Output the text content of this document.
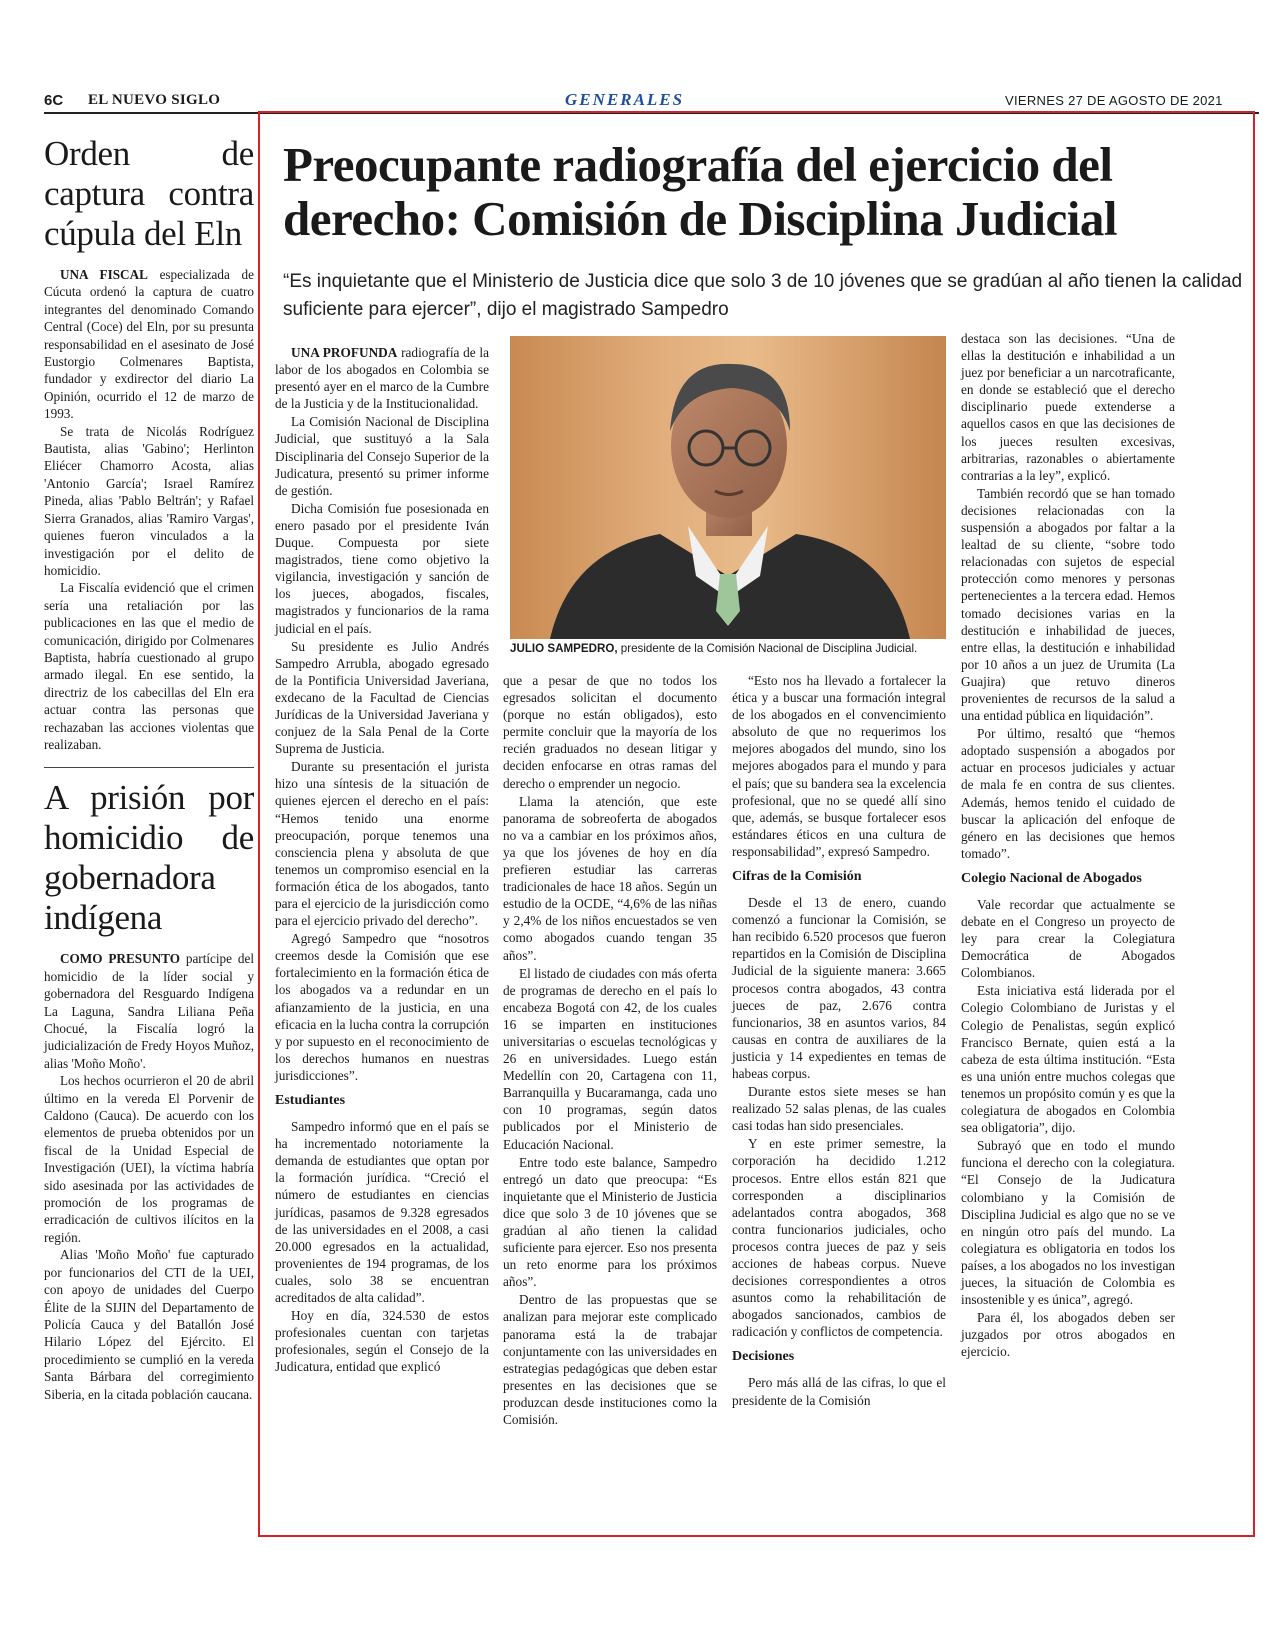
6C EL NUEVO SIGLO	GENERALES	VIERNES 27 DE AGOSTO DE 2021
Orden de captura contra cúpula del Eln

UNA FISCAL especializada de Cúcuta ordenó la captura de cuatro integrantes del denominado Comando Central (Coce) del Eln, por su presunta responsabilidad en el asesinato de José Eustorgio Colmenares Baptista, fundador y exdirector del diario La Opinión, ocurrido el 12 de marzo de 1993.

Se trata de Nicolás Rodríguez Bautista, alias 'Gabino'; Herlinton Eliécer Chamorro Acosta, alias 'Antonio García'; Israel Ramírez Pineda, alias 'Pablo Beltrán'; y Rafael Sierra Granados, alias 'Ramiro Vargas', quienes fueron vinculados a la investigación por el delito de homicidio.

La Fiscalía evidenció que el crimen sería una retaliación por las publicaciones en las que el medio de comunicación, dirigido por Colmenares Baptista, habría cuestionado al grupo armado ilegal. En ese sentido, la directriz de los cabecillas del Eln era actuar contra las personas que rechazaban las acciones violentas que realizaban.

A prisión por homicidio de gobernadora indígena

COMO PRESUNTO partícipe del homicidio de la líder social y gobernadora del Resguardo Indígena La Laguna, Sandra Liliana Peña Chocué, la Fiscalía logró la judicialización de Fredy Hoyos Muñoz, alias 'Moño Moño'.

Los hechos ocurrieron el 20 de abril último en la vereda El Porvenir de Caldono (Cauca). De acuerdo con los elementos de prueba obtenidos por un fiscal de la Unidad Especial de Investigación (UEI), la víctima habría sido asesinada por las actividades de promoción de los programas de erradicación de cultivos ilícitos en la región.

Alias 'Moño Moño' fue capturado por funcionarios del CTI de la UEI, con apoyo de unidades del Cuerpo Élite de la SIJIN del Departamento de Policía Cauca y del Batallón José Hilario López del Ejército. El procedimiento se cumplió en la vereda Santa Bárbara del corregimiento Siberia, en la citada población caucana.

Preocupante radiografía del ejercicio del derecho: Comisión de Disciplina Judicial
“Es inquietante que el Ministerio de Justicia dice que solo 3 de 10 jóvenes que se gradúan al año tienen la calidad suficiente para ejercer”, dijo el magistrado Sampedro

UNA PROFUNDA radiografía de la labor de los abogados en Colombia se presentó ayer en el marco de la Cumbre de la Justicia y de la Institucionalidad.

La Comisión Nacional de Disciplina Judicial, que sustituyó a la Sala Disciplinaria del Consejo Superior de la Judicatura, presentó su primer informe de gestión.

Dicha Comisión fue posesionada en enero pasado por el presidente Iván Duque. Compuesta por siete magistrados, tiene como objetivo la vigilancia, investigación y sanción de los jueces, abogados, fiscales, magistrados y funcionarios de la rama judicial en el país.

Su presidente es Julio Andrés Sampedro Arrubla, abogado egresado de la Pontificia Universidad Javeriana, exdecano de la Facultad de Ciencias Jurídicas de la Universidad Javeriana y conjuez de la Sala Penal de la Corte Suprema de Justicia.

Durante su presentación el jurista hizo una síntesis de la situación de quienes ejercen el derecho en el país: “Hemos tenido una enorme preocupación, porque tenemos una consciencia plena y absoluta de que tenemos un compromiso esencial en la formación ética de los abogados, tanto para el ejercicio de la jurisdicción como para el ejercicio privado del derecho”.

Agregó Sampedro que “nosotros creemos desde la Comisión que ese fortalecimiento en la formación ética de los abogados va a redundar en un afianzamiento de la justicia, en una eficacia en la lucha contra la corrupción y por supuesto en el reconocimiento de los derechos humanos en nuestras jurisdicciones”.

Estudiantes

Sampedro informó que en el país se ha incrementado notoriamente la demanda de estudiantes que optan por la formación jurídica. “Creció el número de estudiantes en ciencias jurídicas, pasamos de 9.328 egresados de las universidades en el 2008, a casi 20.000 egresados en la actualidad, provenientes de 194 programas, de los cuales, solo 38 se encuentran acreditados de alta calidad”.

Hoy en día, 324.530 de estos profesionales cuentan con tarjetas profesionales, según el Consejo de la Judicatura, entidad que explicó

JULIO SAMPEDRO, presidente de la Comisión Nacional de Disciplina Judicial.

que a pesar de que no todos los egresados solicitan el documento (porque no están obligados), esto permite concluir que la mayoría de los recién graduados no desean litigar y deciden enfocarse en otras ramas del derecho o emprender un negocio.

Llama la atención, que este panorama de sobreoferta de abogados no va a cambiar en los próximos años, ya que los jóvenes de hoy en día prefieren estudiar las carreras tradicionales de hace 18 años. Según un estudio de la OCDE, “4,6% de las niñas y 2,4% de los niños encuestados se ven como abogados cuando tengan 35 años”.

El listado de ciudades con más oferta de programas de derecho en el país lo encabeza Bogotá con 42, de los cuales 16 se imparten en instituciones universitarias o escuelas tecnológicas y 26 en universidades. Luego están Medellín con 20, Cartagena con 11, Barranquilla y Bucaramanga, cada uno con 10 programas, según datos publicados por el Ministerio de Educación Nacional.

Entre todo este balance, Sampedro entregó un dato que preocupa: “Es inquietante que el Ministerio de Justicia dice que solo 3 de 10 jóvenes que se gradúan al año tienen la calidad suficiente para ejercer. Eso nos presenta un reto enorme para los próximos años”.

Dentro de las propuestas que se analizan para mejorar este complicado panorama está la de trabajar conjuntamente con las universidades en estrategias pedagógicas que deben estar presentes en las decisiones que se produzcan desde instituciones como la Comisión.

“Esto nos ha llevado a fortalecer la ética y a buscar una formación integral de los abogados en el convencimiento absoluto de que no requerimos los mejores abogados del mundo, sino los mejores abogados para el mundo y para el país; que su bandera sea la excelencia profesional, que no se quedé allí sino que, además, se busque fortalecer esos estándares éticos en una cultura de responsabilidad”, expresó Sampedro.

Cifras de la Comisión

Desde el 13 de enero, cuando comenzó a funcionar la Comisión, se han recibido 6.520 procesos que fueron repartidos en la Comisión de Disciplina Judicial de la siguiente manera: 3.665 procesos contra abogados, 43 contra jueces de paz, 2.676 contra funcionarios, 38 en asuntos varios, 84 causas en contra de auxiliares de la justicia y 14 expedientes en temas de habeas corpus.

Durante estos siete meses se han realizado 52 salas plenas, de las cuales casi todas han sido presenciales.

Y en este primer semestre, la corporación ha decidido 1.212 procesos. Entre ellos están 821 que corresponden a disciplinarios adelantados contra abogados, 368 contra funcionarios judiciales, ocho procesos contra jueces de paz y seis acciones de habeas corpus. Nueve decisiones correspondientes a otros asuntos como la rehabilitación de abogados sancionados, cambios de radicación y conflictos de competencia.

Decisiones

Pero más allá de las cifras, lo que el presidente de la Comisión

destaca son las decisiones. “Una de ellas la destitución e inhabilidad a un juez por beneficiar a un narcotraficante, en donde se estableció que el derecho disciplinario puede extenderse a aquellos casos en que las decisiones de los jueces resulten excesivas, arbitrarias, razonables o abiertamente contrarias a la ley”, explicó.

También recordó que se han tomado decisiones relacionadas con la suspensión a abogados por faltar a la lealtad de su cliente, “sobre todo relacionadas con sujetos de especial protección como menores y personas pertenecientes a la tercera edad. Hemos tomado decisiones varias en la destitución e inhabilidad de jueces, entre ellas, la destitución e inhabilidad por 10 años a un juez de Urumita (La Guajira) que retuvo dineros provenientes de recursos de la salud a una entidad pública en liquidación”.

Por último, resaltó que “hemos adoptado suspensión a abogados por actuar en procesos judiciales y actuar de mala fe en contra de sus clientes. Además, hemos tenido el cuidado de buscar la aplicación del enfoque de género en las decisiones que hemos tomado”.

Colegio Nacional de Abogados

Vale recordar que actualmente se debate en el Congreso un proyecto de ley para crear la Colegiatura Democrática de Abogados Colombianos.

Esta iniciativa está liderada por el Colegio Colombiano de Juristas y el Colegio de Penalistas, según explicó Francisco Bernate, quien está a la cabeza de esta última institución. “Esta es una unión entre muchos colegas que tenemos un propósito común y es que la colegiatura de abogados en Colombia sea obligatoria”, dijo.

Subrayó que en todo el mundo funciona el derecho con la colegiatura. “El Consejo de la Judicatura colombiano y la Comisión de Disciplina Judicial es algo que no se ve en ningún otro país del mundo. La colegiatura es obligatoria en todos los países, a los abogados no los investigan jueces, la situación de Colombia es insostenible y es única”, agregó.

Para él, los abogados deben ser juzgados por otros abogados en ejercicio.
